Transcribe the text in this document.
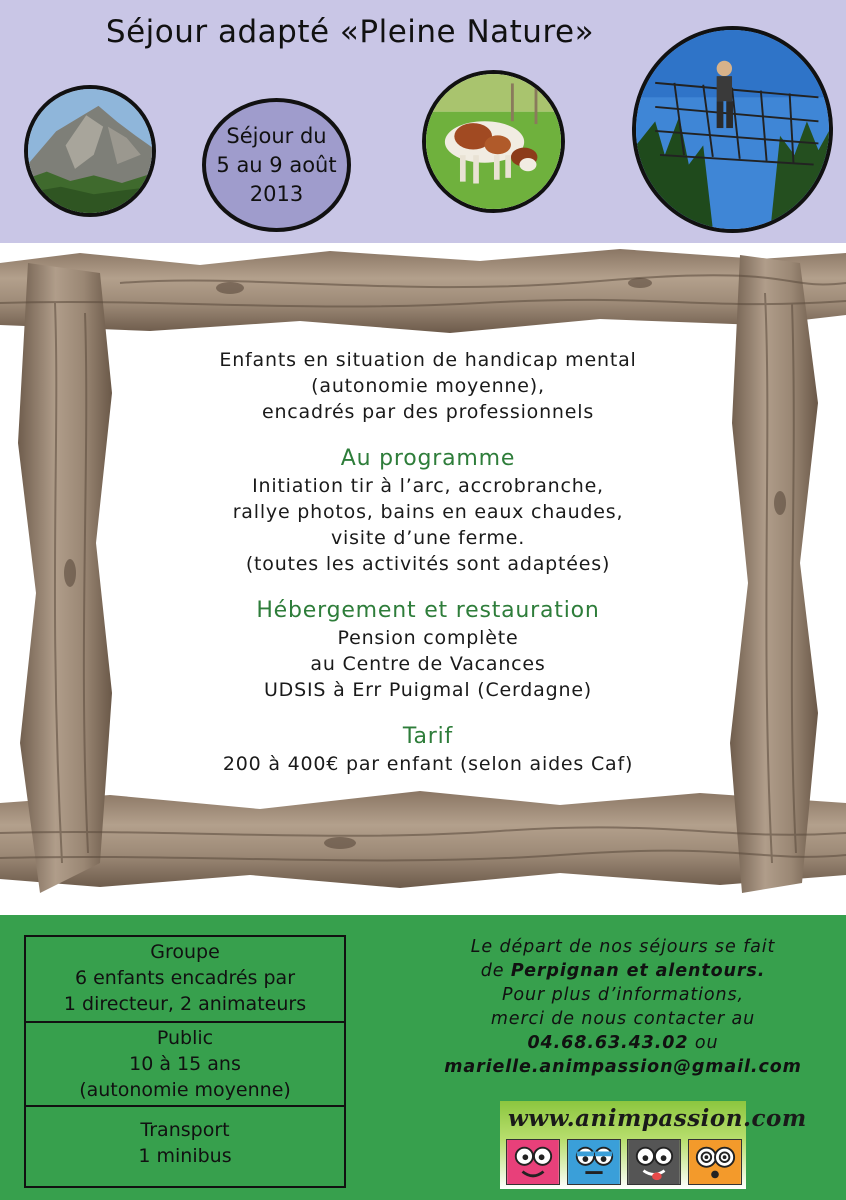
Séjour adapté «Pleine Nature»
Séjour du
5 au 9 août
2013
Enfants en situation de handicap mental
(autonomie moyenne),
encadrés par des professionnels
Au programme
Initiation tir à l’arc, accrobranche,
rallye photos, bains en eaux chaudes,
visite d’une ferme.
(toutes les activités sont adaptées)
Hébergement et restauration
Pension complète
au Centre de Vacances
UDSIS à Err Puigmal (Cerdagne)
Tarif
200 à 400€ par enfant (selon aides Caf)
Groupe
6 enfants encadrés par
1 directeur, 2 animateurs
Public
10 à 15 ans
(autonomie moyenne)
Transport
1 minibus
Le départ de nos séjours se fait
de Perpignan et alentours.
Pour plus d’informations,
merci de nous contacter au
04.68.63.43.02 ou
marielle.animpassion@gmail.com
www.animpassion.com
